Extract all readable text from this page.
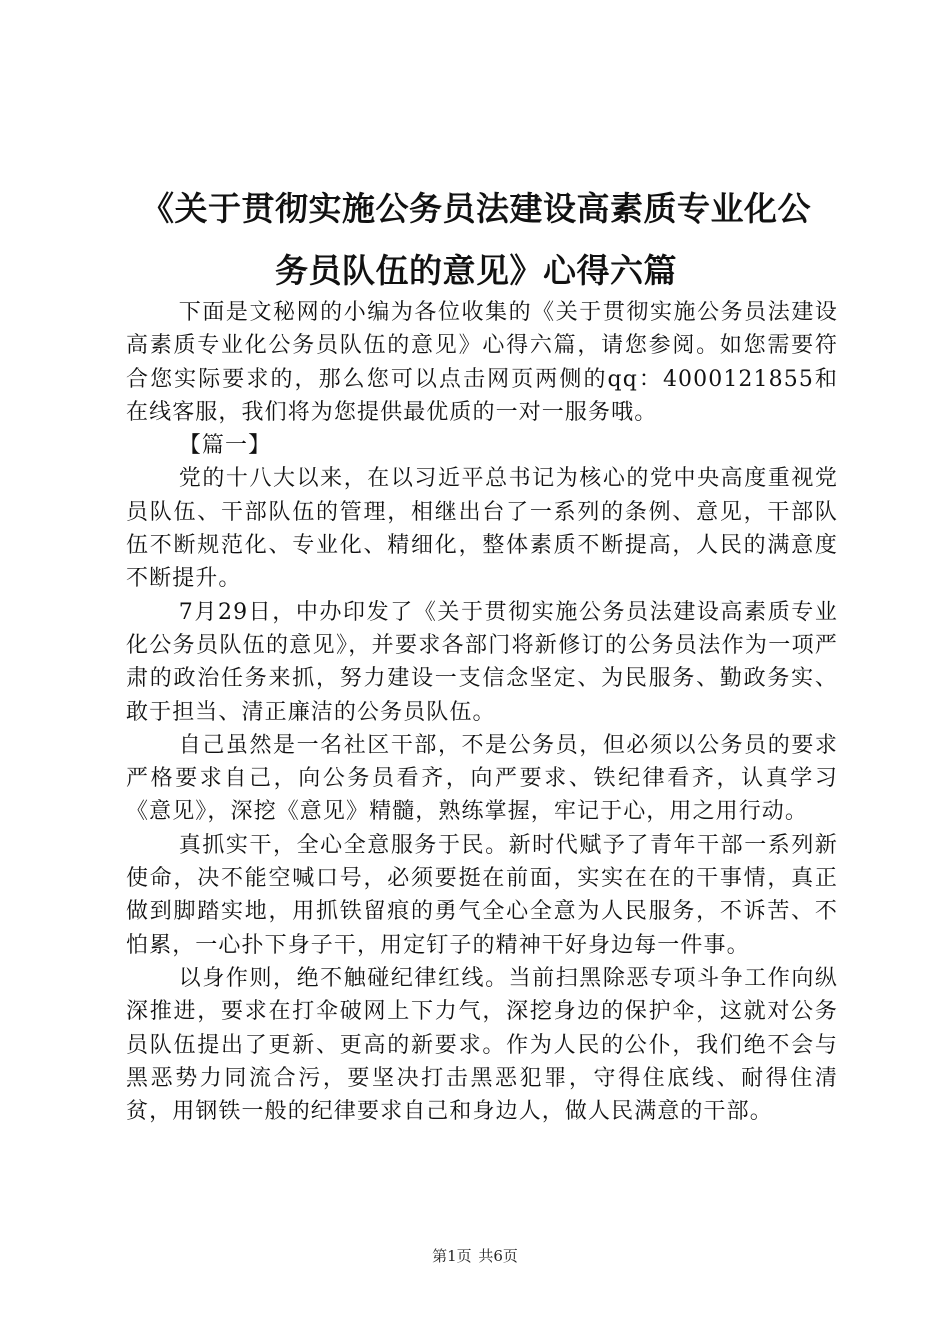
《关于贯彻实施公务员法建设高素质专业化公
务员队伍的意见》心得六篇

下面是文秘网的小编为各位收集的《关于贯彻实施公务员法建设高素质专业化公务员队伍的意见》心得六篇，请您参阅。如您需要符合您实际要求的，那么您可以点击网页两侧的qq：4000121855和在线客服，我们将为您提供最优质的一对一服务哦。

【篇一】

党的十八大以来，在以习近平总书记为核心的党中央高度重视党员队伍、干部队伍的管理，相继出台了一系列的条例、意见，干部队伍不断规范化、专业化、精细化，整体素质不断提高，人民的满意度不断提升。

7月29日，中办印发了《关于贯彻实施公务员法建设高素质专业化公务员队伍的意见》，并要求各部门将新修订的公务员法作为一项严肃的政治任务来抓，努力建设一支信念坚定、为民服务、勤政务实、敢于担当、清正廉洁的公务员队伍。

自己虽然是一名社区干部，不是公务员，但必须以公务员的要求严格要求自己，向公务员看齐，向严要求、铁纪律看齐，认真学习《意见》，深挖《意见》精髓，熟练掌握，牢记于心，用之用行动。

真抓实干，全心全意服务于民。新时代赋予了青年干部一系列新使命，决不能空喊口号，必须要挺在前面，实实在在的干事情，真正做到脚踏实地，用抓铁留痕的勇气全心全意为人民服务，不诉苦、不怕累，一心扑下身子干，用定钉子的精神干好身边每一件事。

以身作则，绝不触碰纪律红线。当前扫黑除恶专项斗争工作向纵深推进，要求在打伞破网上下力气，深挖身边的保护伞，这就对公务员队伍提出了更新、更高的新要求。作为人民的公仆，我们绝不会与黑恶势力同流合污，要坚决打击黑恶犯罪，守得住底线、耐得住清贫，用钢铁一般的纪律要求自己和身边人，做人民满意的干部。

第1页 共6页
